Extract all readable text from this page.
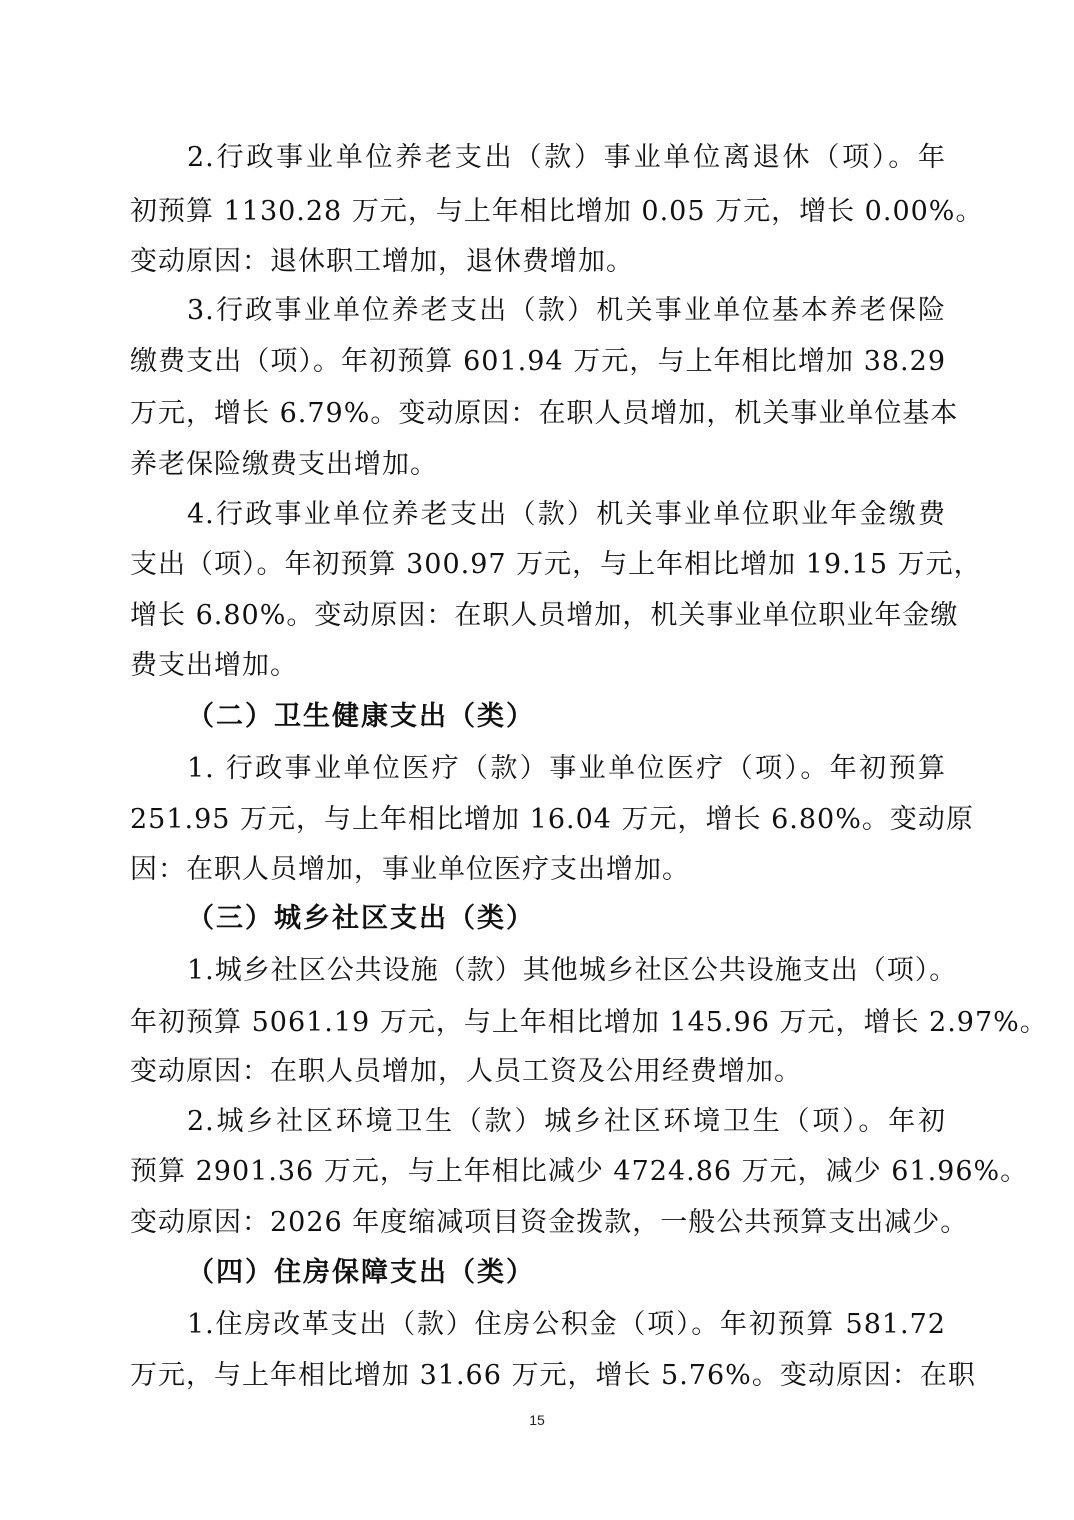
2.行政事业单位养老支出（款）事业单位离退休（项）。年
初预算 1130.28 万元，与上年相比增加 0.05 万元，增长 0.00%。
变动原因：退休职工增加，退休费增加。
3.行政事业单位养老支出（款）机关事业单位基本养老保险
缴费支出（项）。年初预算 601.94 万元，与上年相比增加 38.29
万元，增长 6.79%。变动原因：在职人员增加，机关事业单位基本
养老保险缴费支出增加。
4.行政事业单位养老支出（款）机关事业单位职业年金缴费
支出（项）。年初预算 300.97 万元，与上年相比增加 19.15 万元，
增长 6.80%。变动原因：在职人员增加，机关事业单位职业年金缴
费支出增加。
（二）卫生健康支出（类）
1. 行政事业单位医疗（款）事业单位医疗（项）。年初预算
251.95 万元，与上年相比增加 16.04 万元，增长 6.80%。变动原
因：在职人员增加，事业单位医疗支出增加。
（三）城乡社区支出（类）
1.城乡社区公共设施（款）其他城乡社区公共设施支出（项）。
年初预算 5061.19 万元，与上年相比增加 145.96 万元，增长 2.97%。
变动原因：在职人员增加，人员工资及公用经费增加。
2.城乡社区环境卫生（款）城乡社区环境卫生（项）。年初
预算 2901.36 万元，与上年相比减少 4724.86 万元，减少 61.96%。
变动原因：2026 年度缩减项目资金拨款，一般公共预算支出减少。
（四）住房保障支出（类）
1.住房改革支出（款）住房公积金（项）。年初预算 581.72
万元，与上年相比增加 31.66 万元，增长 5.76%。变动原因：在职
15
